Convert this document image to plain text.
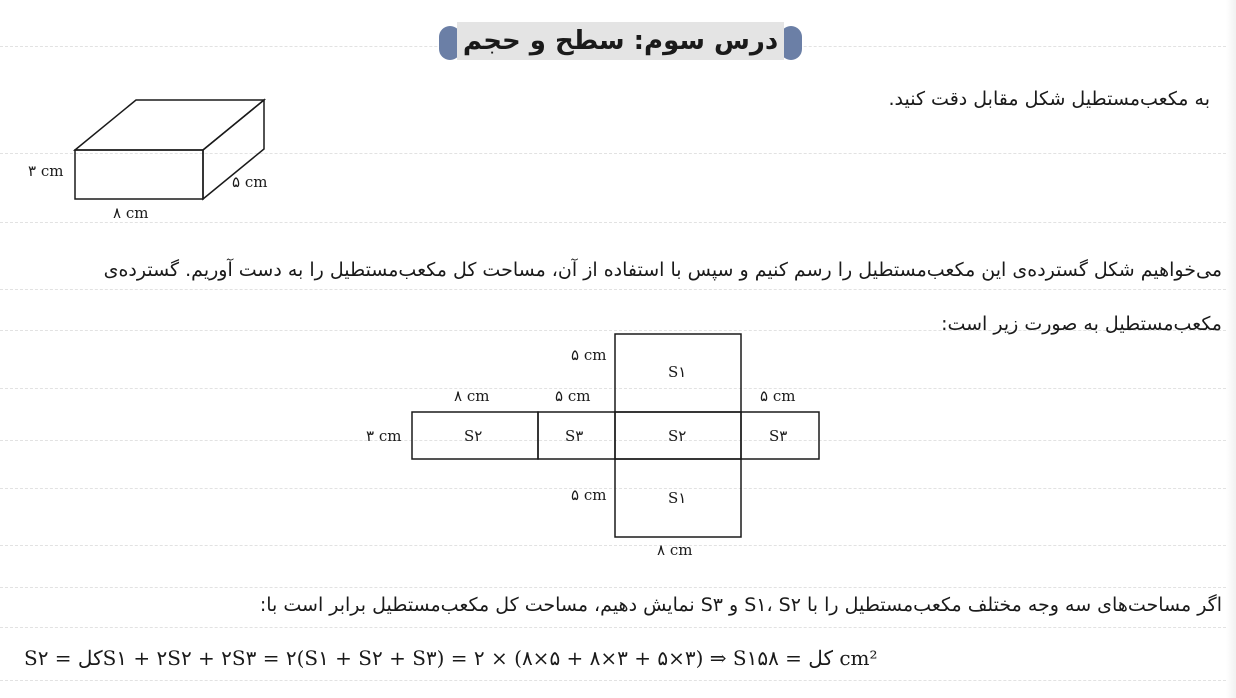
درس سوم: سطح و حجم
به مکعب‌مستطیل شکل مقابل دقت کنید.
۳ cm
۵ cm
۸ cm
S۱
S۲	S۳	S۲	S۳
S۱
۵ cm
۸ cm	۵ cm	۵ cm
۳ cm
۵ cm
۸ cm
می‌خواهیم شکل گسترده‌ی این مکعب‌مستطیل را رسم کنیم و سپس با استفاده از آن، مساحت کل مکعب‌مستطیل را به دست آوریم. گسترده‌ی
مکعب‌مستطیل به صورت زیر است:
اگر مساحت‌های سه وجه مختلف مکعب‌مستطیل را با S۱، S۲ و S۳ نمایش دهیم، مساحت کل مکعب‌مستطیل برابر است با:
Sکل = ۲S۱ + ۲S۲ + ۲S۳ = ۲(S۱ + S۲ + S۳) = ۲ × (۸×۵ + ۸×۳ + ۵×۳) ⇒ Sکل = ۱۵۸ cm²
